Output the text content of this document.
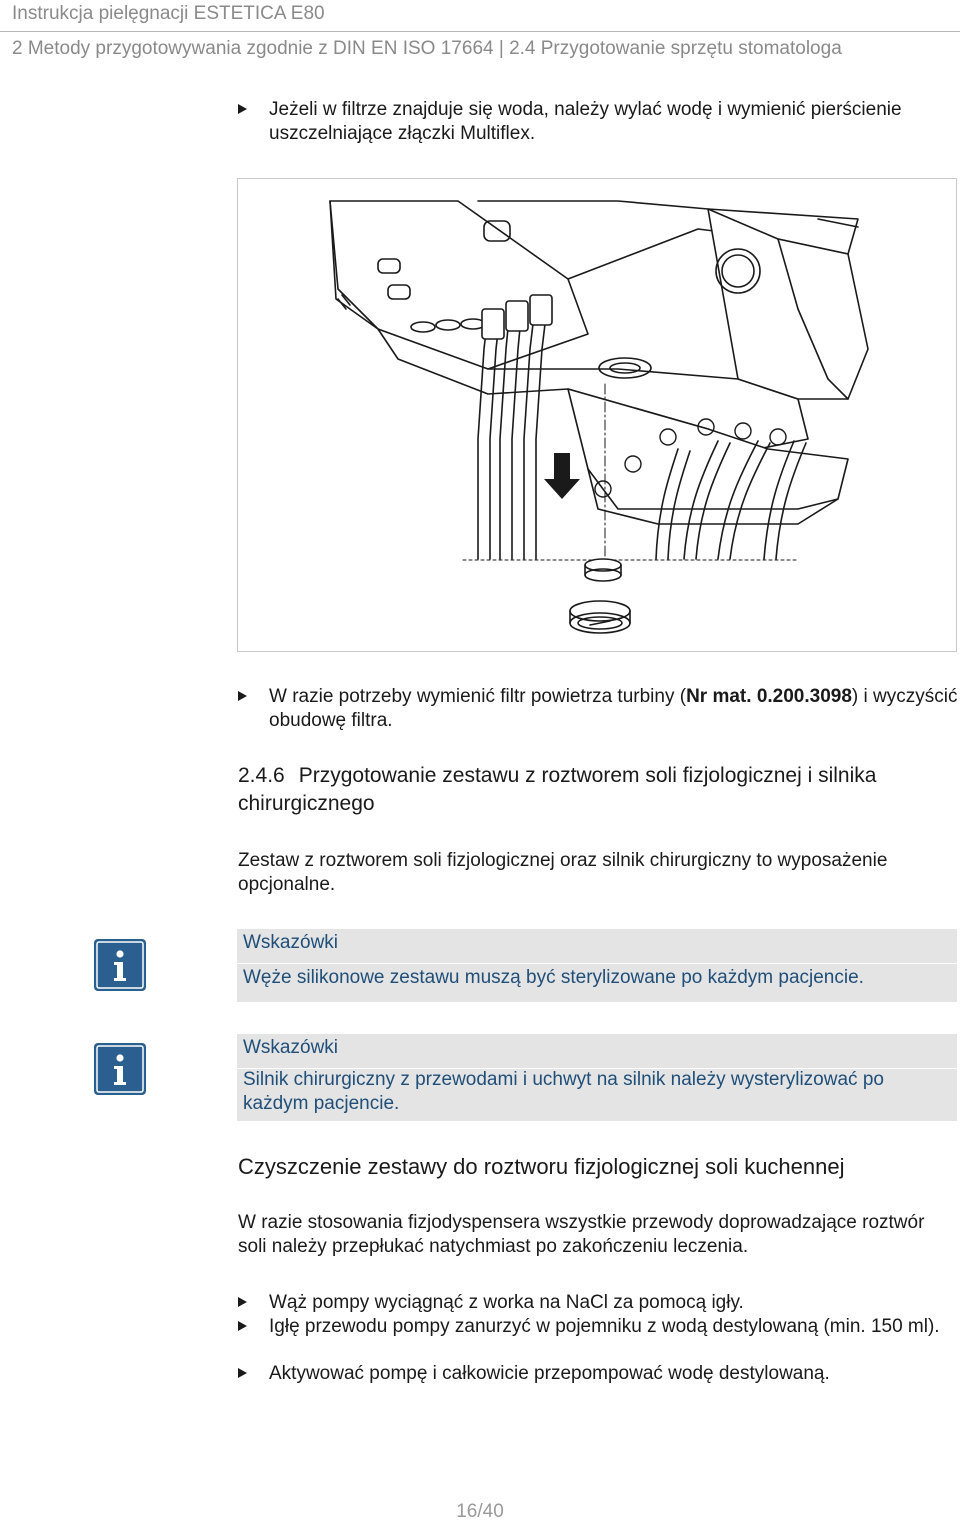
Instrukcja pielęgnacji ESTETICA E80
2 Metody przygotowywania zgodnie z DIN EN ISO 17664 | 2.4 Przygotowanie sprzętu stomatologa
Jeżeli w filtrze znajduje się woda, należy wylać wodę i wymienić pierścienie uszczelniające złączki Multiflex.
W razie potrzeby wymienić filtr powietrza turbiny (Nr mat. 0.200.3098) i wyczyścić obudowę filtra.
2.4.6 Przygotowanie zestawu z roztworem soli fizjologicznej i silnika chirurgicznego
Zestaw z roztworem soli fizjologicznej oraz silnik chirurgiczny to wyposażenie opcjonalne.
Wskazówki
Węże silikonowe zestawu muszą być sterylizowane po każdym pacjencie.
Wskazówki
Silnik chirurgiczny z przewodami i uchwyt na silnik należy wysterylizować po każdym pacjencie.
Czyszczenie zestawy do roztworu fizjologicznej soli kuchennej
W razie stosowania fizjodyspensera wszystkie przewody doprowadzające roztwór soli należy przepłukać natychmiast po zakończeniu leczenia.
Wąż pompy wyciągnąć z worka na NaCl za pomocą igły.
Igłę przewodu pompy zanurzyć w pojemniku z wodą destylowaną (min. 150 ml).
Aktywować pompę i całkowicie przepompować wodę destylowaną.
16/40
